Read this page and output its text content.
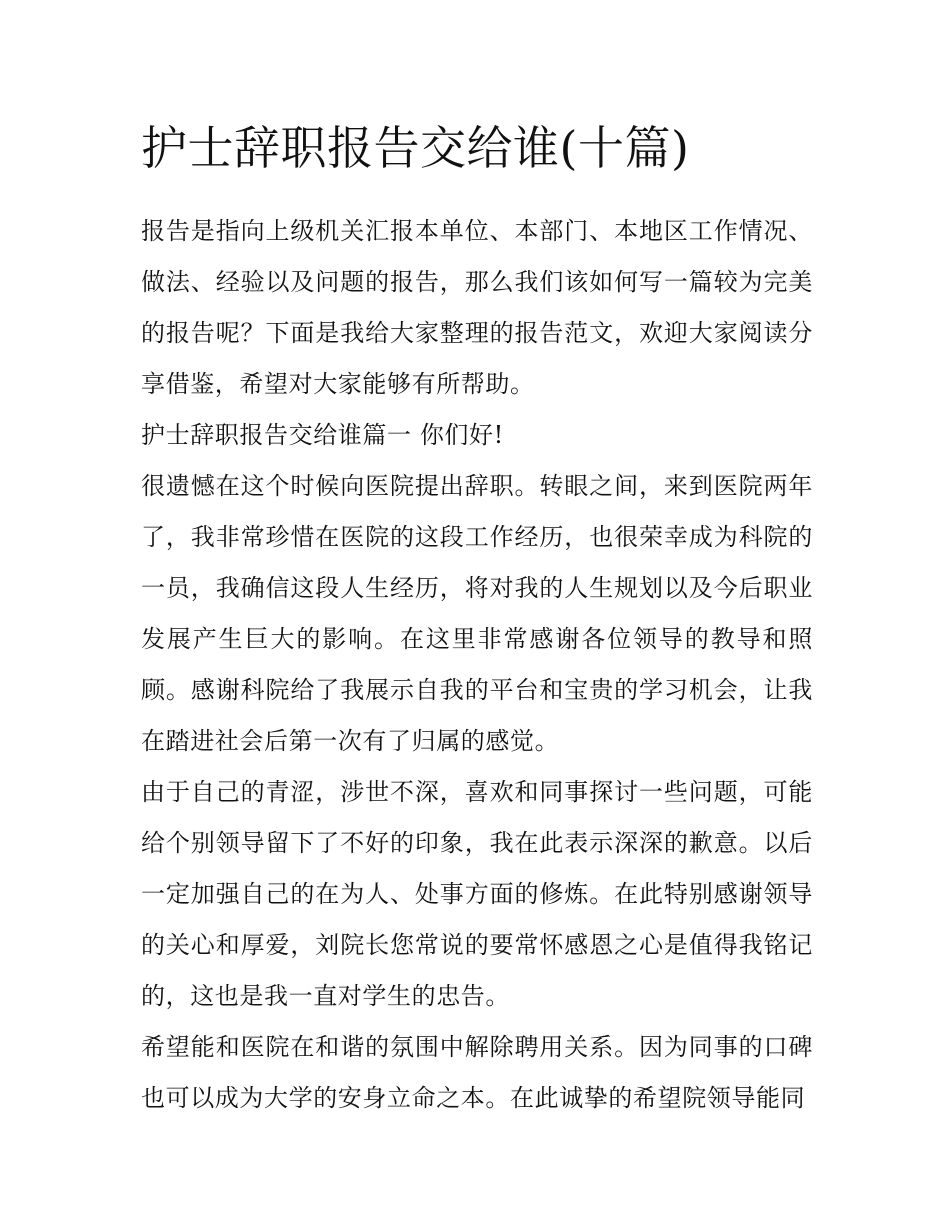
护士辞职报告交给谁(十篇)

报告是指向上级机关汇报本单位、本部门、本地区工作情况、做法、经验以及问题的报告，那么我们该如何写一篇较为完美的报告呢？下面是我给大家整理的报告范文，欢迎大家阅读分享借鉴，希望对大家能够有所帮助。

护士辞职报告交给谁篇一 你们好!

很遗憾在这个时候向医院提出辞职。转眼之间，来到医院两年了，我非常珍惜在医院的这段工作经历，也很荣幸成为科院的一员，我确信这段人生经历，将对我的人生规划以及今后职业发展产生巨大的影响。在这里非常感谢各位领导的教导和照顾。感谢科院给了我展示自我的平台和宝贵的学习机会，让我在踏进社会后第一次有了归属的感觉。

由于自己的青涩，涉世不深，喜欢和同事探讨一些问题，可能给个别领导留下了不好的印象，我在此表示深深的歉意。以后一定加强自己的在为人、处事方面的修炼。在此特别感谢领导的关心和厚爱，刘院长您常说的要常怀感恩之心是值得我铭记的，这也是我一直对学生的忠告。

希望能和医院在和谐的氛围中解除聘用关系。因为同事的口碑也可以成为大学的安身立命之本。在此诚挚的希望院领导能同
